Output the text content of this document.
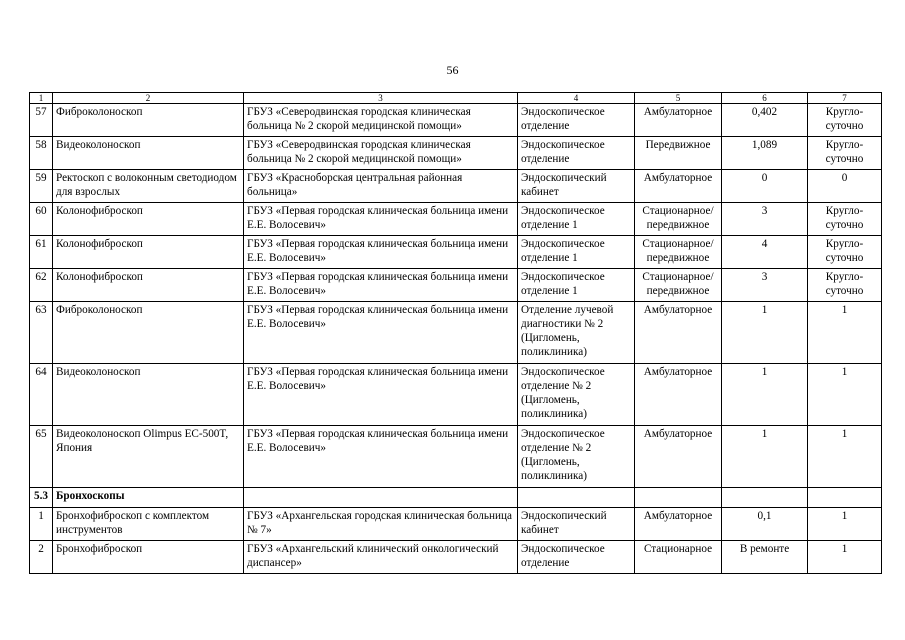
56
1	2	3	4	5	6	7
57	Фиброколоноскоп	ГБУЗ «Северодвинская городская клиническая больница № 2 скорой медицинской помощи»	Эндоскопическое отделение	Амбулаторное	0,402	Кругло-суточно
58	Видеоколоноскоп	ГБУЗ «Северодвинская городская клиническая больница № 2 скорой медицинской помощи»	Эндоскопическое отделение	Передвижное	1,089	Кругло-суточно
59	Ректоскоп с волоконным светодиодом для взрослых	ГБУЗ «Красноборская центральная районная больница»	Эндоскопический кабинет	Амбулаторное	0	0
60	Колонофиброскоп	ГБУЗ «Первая городская клиническая больница имени Е.Е. Волосевич»	Эндоскопическое отделение 1	Стационарное/ передвижное	3	Кругло-суточно
61	Колонофиброскоп	ГБУЗ «Первая городская клиническая больница имени Е.Е. Волосевич»	Эндоскопическое отделение 1	Стационарное/ передвижное	4	Кругло-суточно
62	Колонофиброскоп	ГБУЗ «Первая городская клиническая больница имени Е.Е. Волосевич»	Эндоскопическое отделение 1	Стационарное/ передвижное	3	Кругло-суточно
63	Фиброколоноскоп	ГБУЗ «Первая городская клиническая больница имени Е.Е. Волосевич»	Отделение лучевой диагностики № 2 (Цигломень, поликлиника)	Амбулаторное	1	1
64	Видеоколоноскоп	ГБУЗ «Первая городская клиническая больница имени Е.Е. Волосевич»	Эндоскопическое отделение № 2 (Цигломень, поликлиника)	Амбулаторное	1	1
65	Видеоколоноскоп Olimpus EC-500T, Япония	ГБУЗ «Первая городская клиническая больница имени Е.Е. Волосевич»	Эндоскопическое отделение № 2 (Цигломень, поликлиника)	Амбулаторное	1	1
5.3	Бронхоскопы					
1	Бронхофиброскоп с комплектом инструментов	ГБУЗ «Архангельская городская клиническая больница № 7»	Эндоскопический кабинет	Амбулаторное	0,1	1
2	Бронхофиброскоп	ГБУЗ «Архангельский клинический онкологический диспансер»	Эндоскопическое отделение	Стационарное	В ремонте	1
